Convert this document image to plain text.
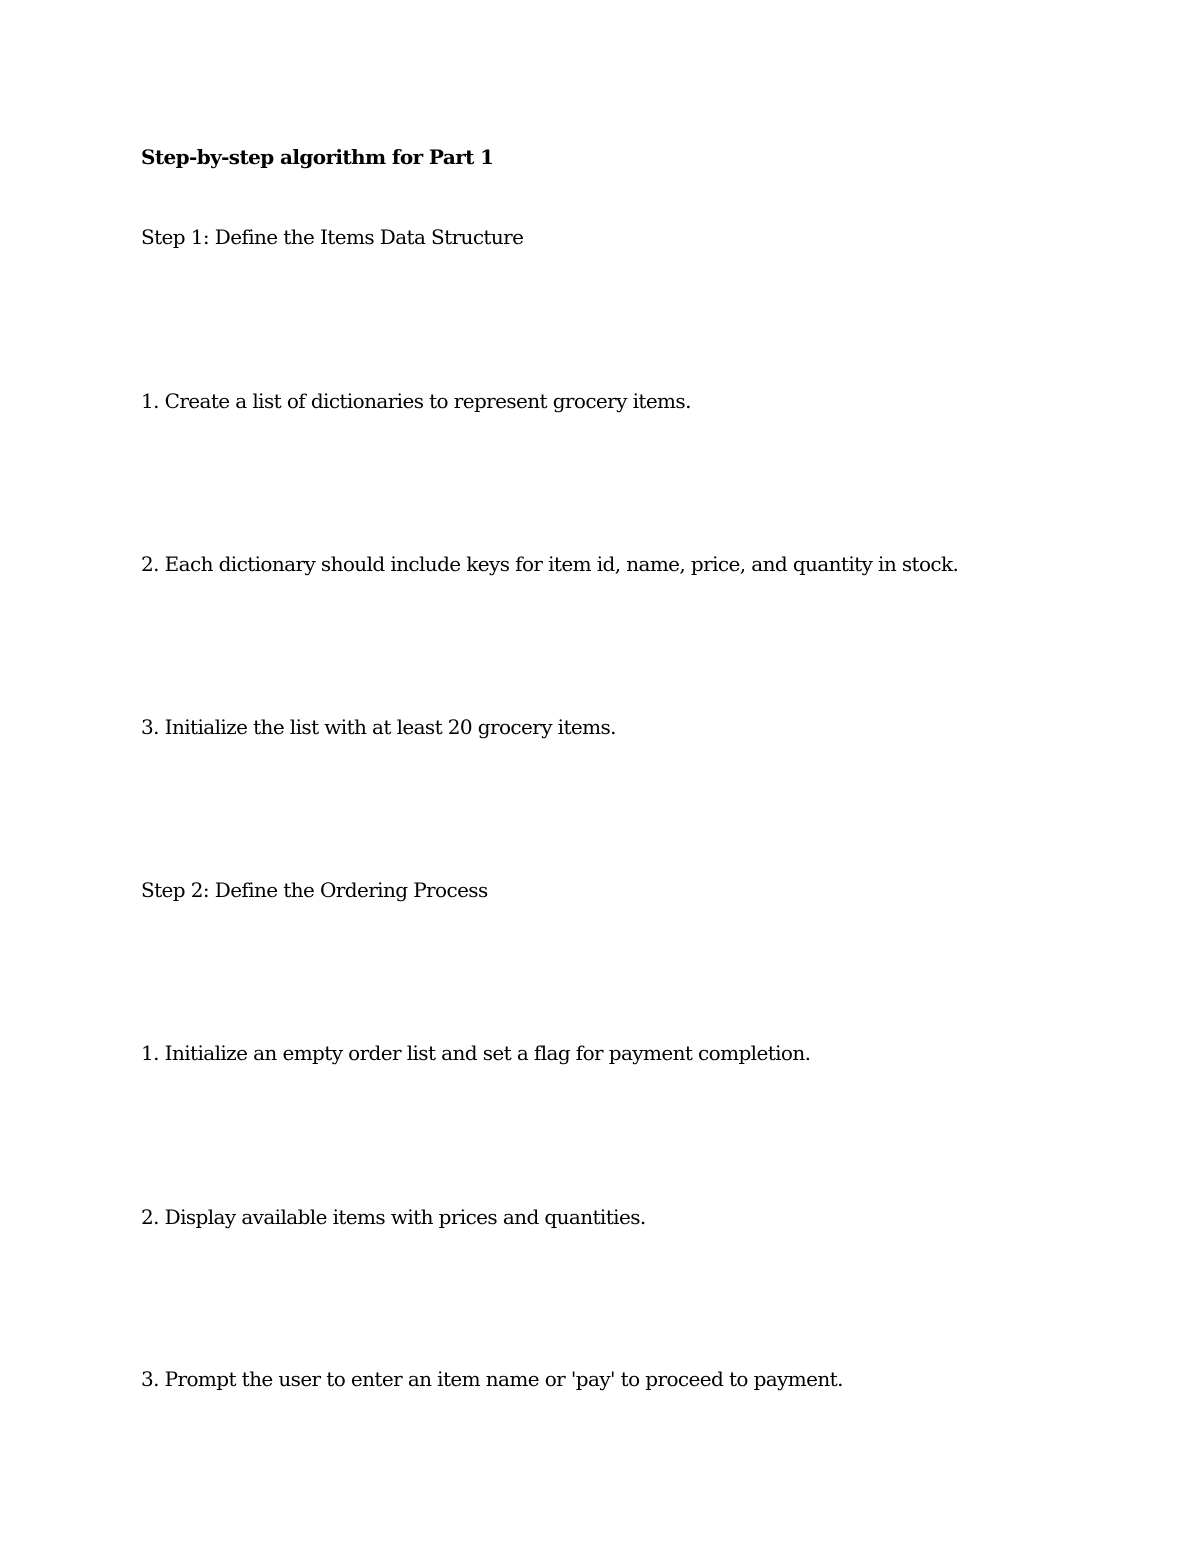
Step-by-step algorithm for Part 1

Step 1: Define the Items Data Structure

1. Create a list of dictionaries to represent grocery items.

2. Each dictionary should include keys for item id, name, price, and quantity in stock.

3. Initialize the list with at least 20 grocery items.

Step 2: Define the Ordering Process

1. Initialize an empty order list and set a flag for payment completion.

2. Display available items with prices and quantities.

3. Prompt the user to enter an item name or 'pay' to proceed to payment.
